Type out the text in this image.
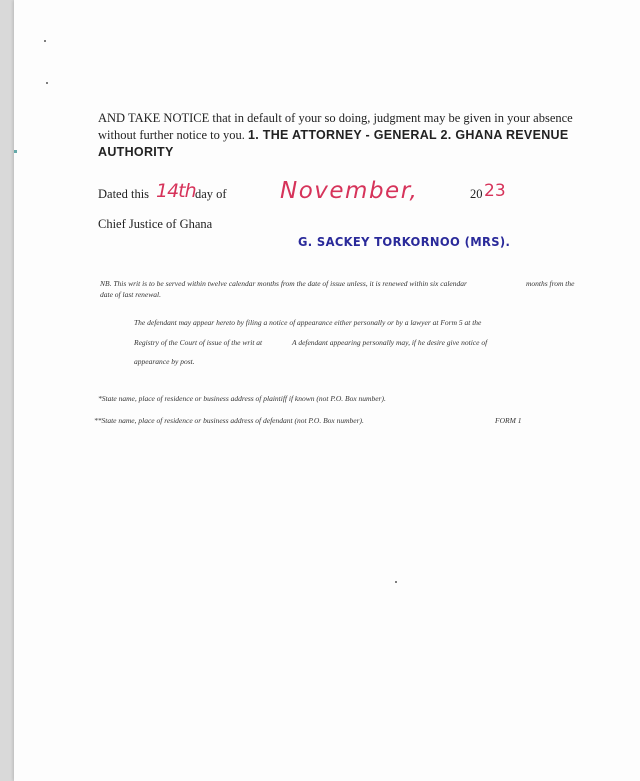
AND TAKE NOTICE that in default of your so doing, judgment may be given in your absence without further notice to you. 1. THE ATTORNEY - GENERAL 2. GHANA REVENUE AUTHORITY
Dated this 14th day of November,	20 23
Chief Justice of Ghana
G. SACKEY TORKORNOO (MRS).
NB. This writ is to be served within twelve calendar months from the date of issue unless, it is renewed within six calendar	months from the

date of last renewal.
The defendant may appear hereto by filing a notice of appearance either personally or by a lawyer at Form 5 at the
Registry of the Court of issue of the writ at	A defendant appearing personally may, if he desire give notice of
appearance by post.
*State name, place of residence or business address of plaintiff if known (not P.O. Box number).
**State name, place of residence or business address of defendant (not P.O. Box number).	FORM 1
